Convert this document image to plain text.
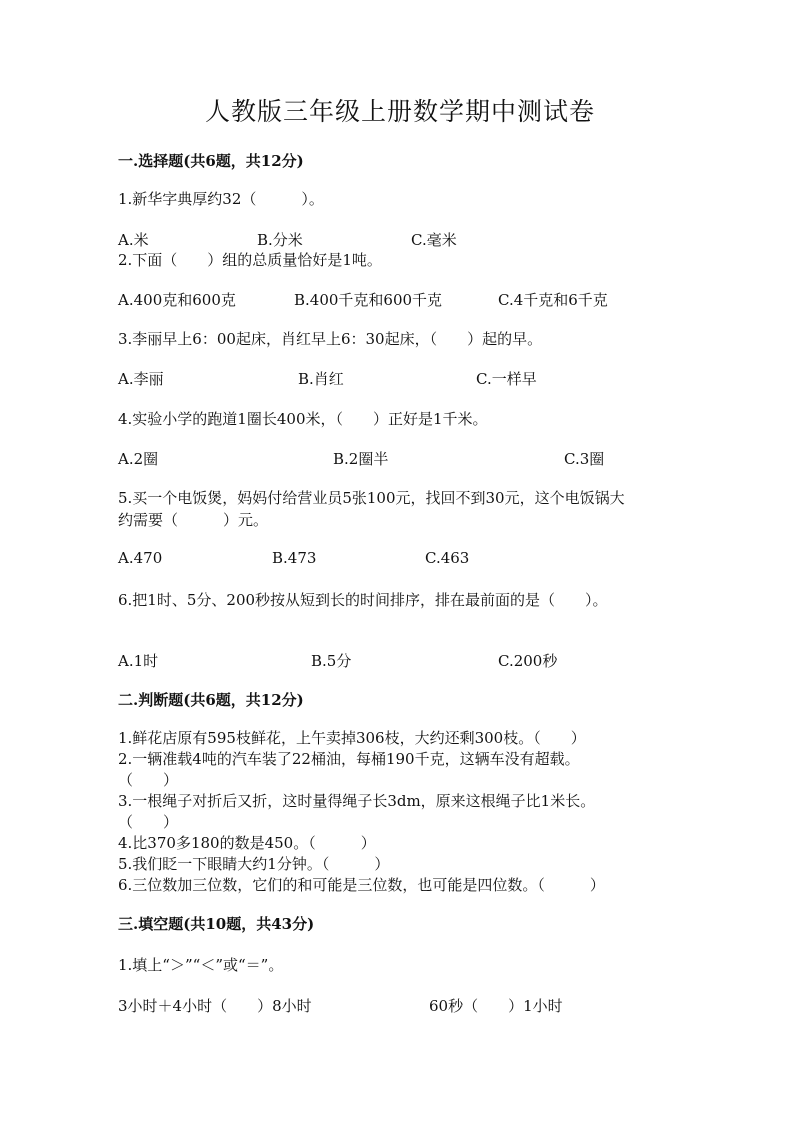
人教版三年级上册数学期中测试卷
一.选择题(共6题，共12分)
1.新华字典厚约32（　　　）。
A.米	B.分米	C.毫米
2.下面（　　）组的总质量恰好是1吨。
A.400克和600克	B.400千克和600千克	C.4千克和6千克
3.李丽早上6：00起床，肖红早上6：30起床，（　　）起的早。
A.李丽	B.肖红	C.一样早
4.实验小学的跑道1圈长400米，（　　）正好是1千米。
A.2圈	B.2圈半	C.3圈
5.买一个电饭煲，妈妈付给营业员5张100元，找回不到30元，这个电饭锅大
约需要（　　　）元。
A.470	B.473	C.463
6.把1时、5分、200秒按从短到长的时间排序，排在最前面的是（　　）。
A.1时	B.5分	C.200秒
二.判断题(共6题，共12分)
1.鲜花店原有595枝鲜花，上午卖掉306枝，大约还剩300枝。（　　）
2.一辆准载4吨的汽车装了22桶油，每桶190千克，这辆车没有超载。
（　　）
3.一根绳子对折后又折，这时量得绳子长3dm，原来这根绳子比1米长。
（　　）
4.比370多180的数是450。（　　　）
5.我们眨一下眼睛大约1分钟。（　　　）
6.三位数加三位数，它们的和可能是三位数，也可能是四位数。（　　　）
三.填空题(共10题，共43分)
1.填上“＞”“＜”或“＝”。
3小时＋4小时（　　）8小时	60秒（　　）1小时
